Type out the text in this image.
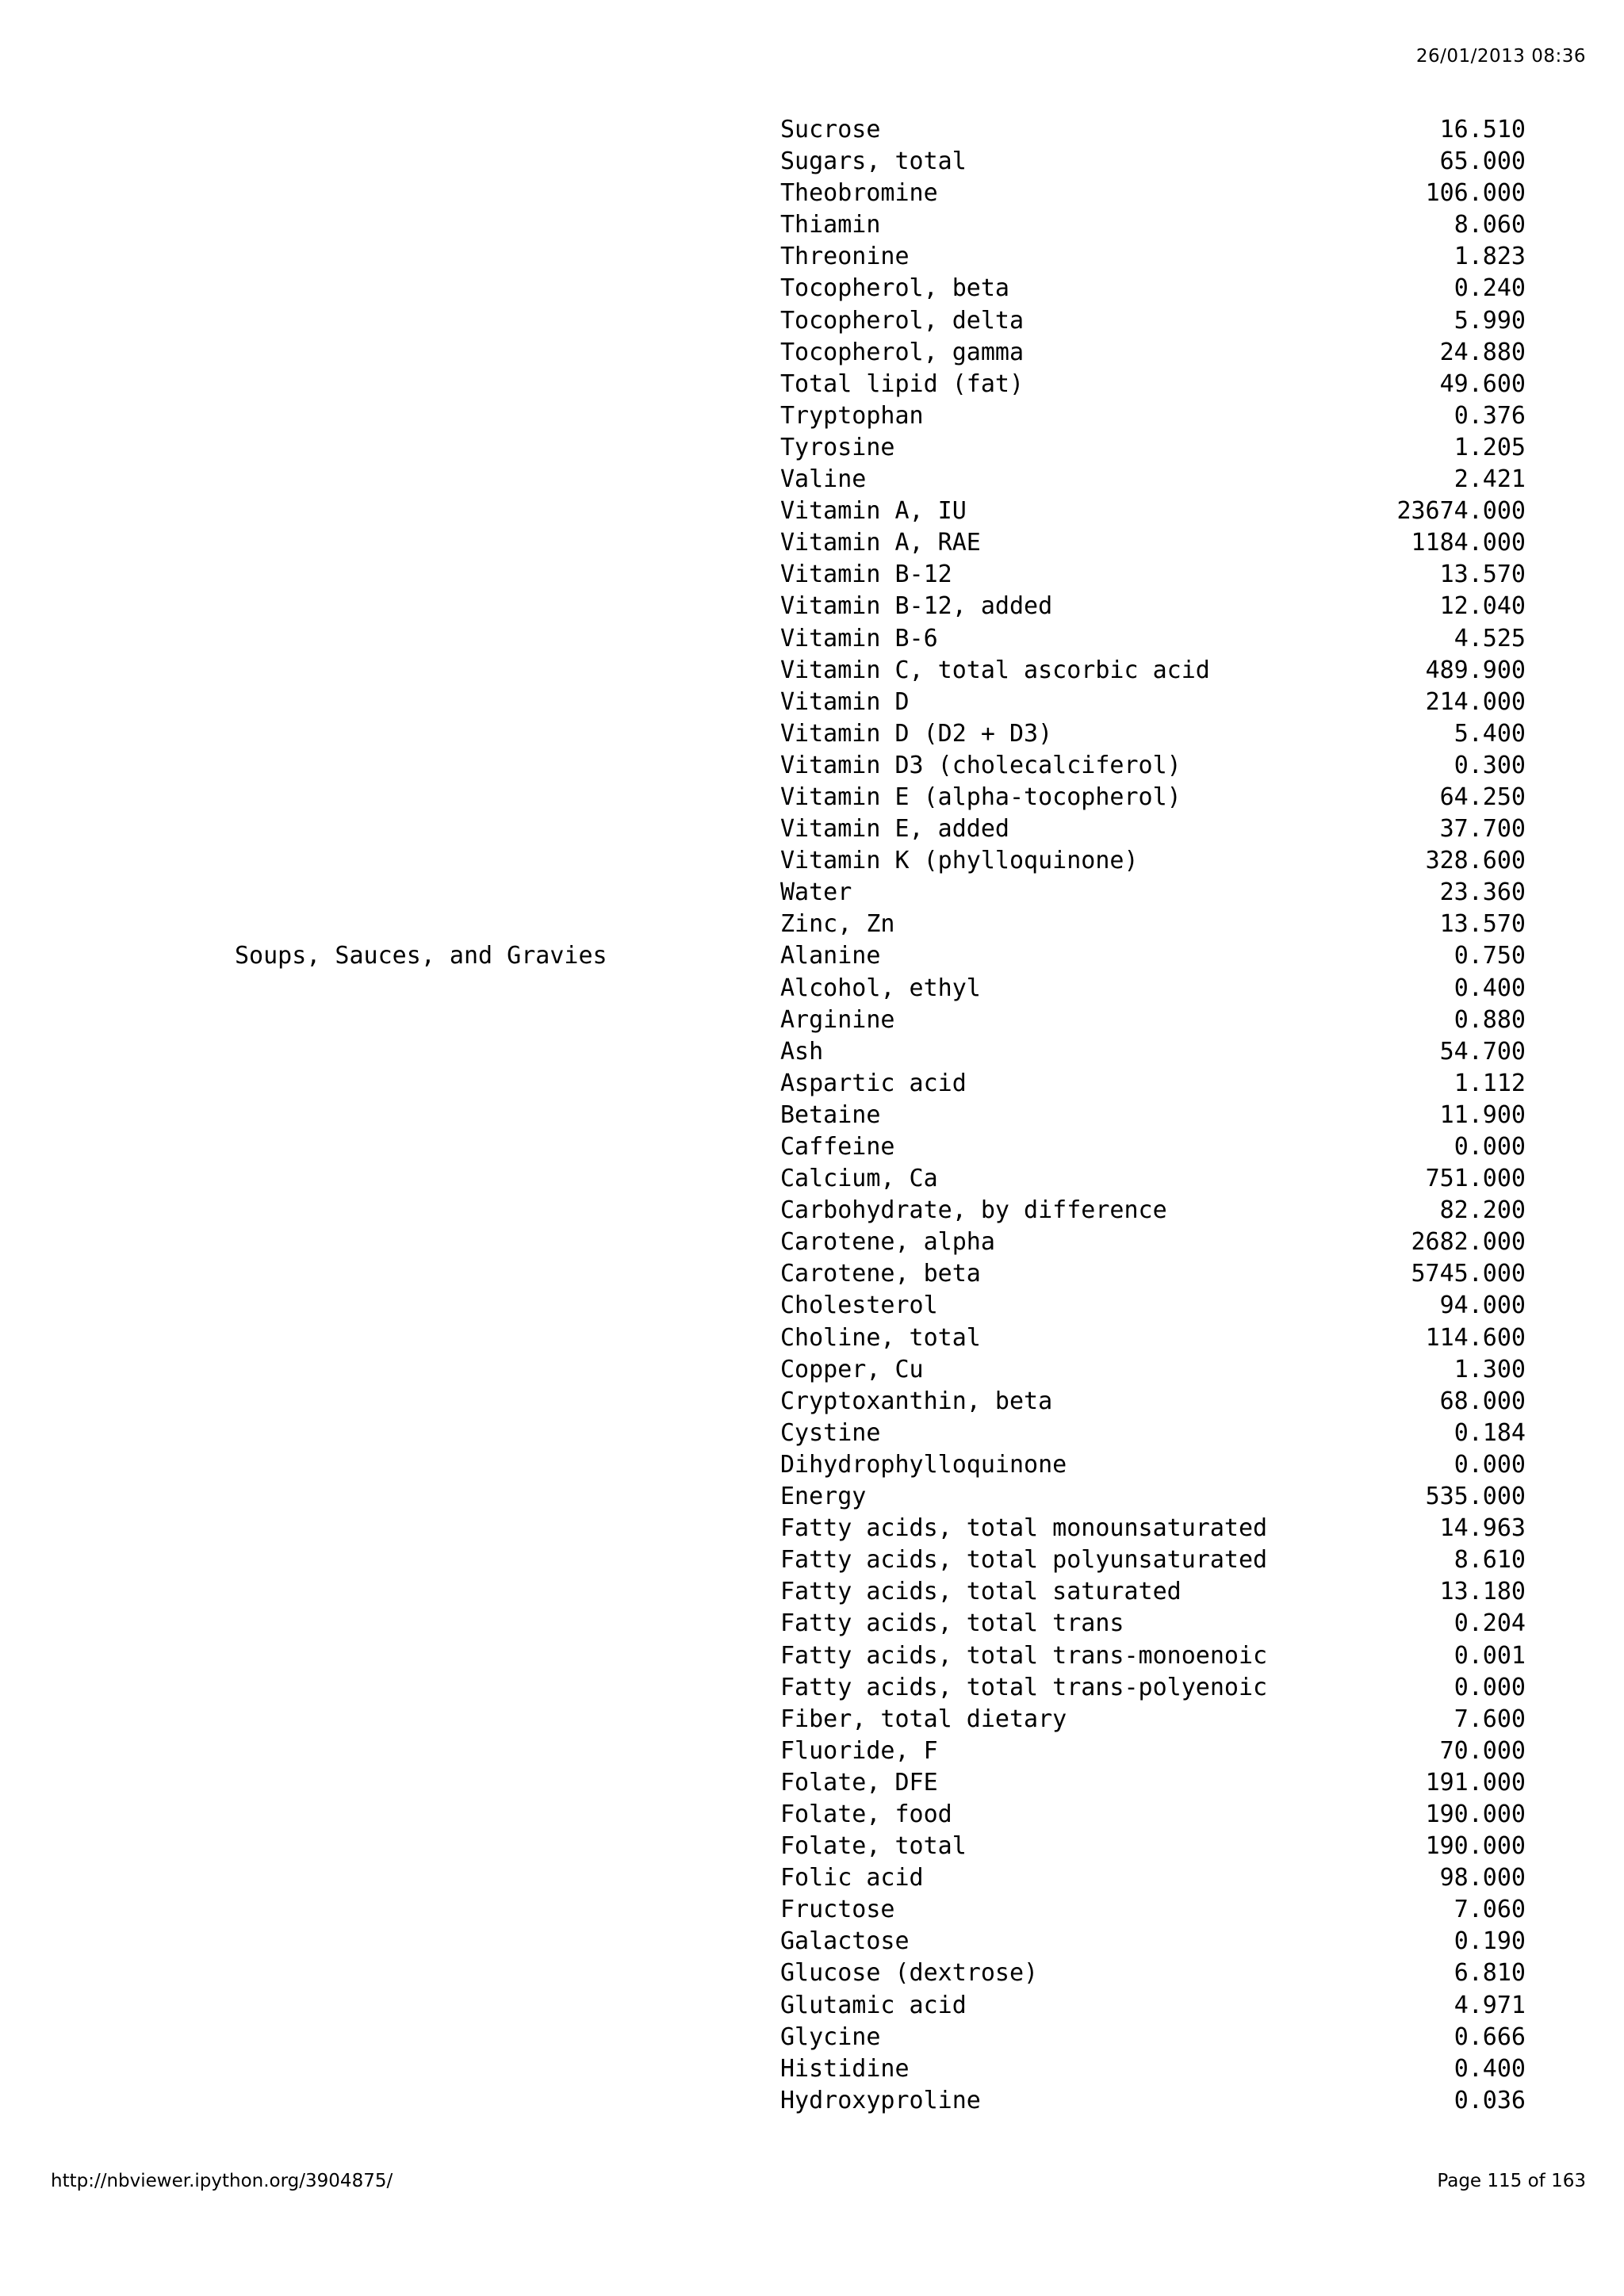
26/01/2013 08:36
Sucrose	16.510
Sugars, total	65.000
Theobromine	106.000
Thiamin	8.060
Threonine	1.823
Tocopherol, beta	0.240
Tocopherol, delta	5.990
Tocopherol, gamma	24.880
Total lipid (fat)	49.600
Tryptophan	0.376
Tyrosine	1.205
Valine	2.421
Vitamin A, IU	23674.000
Vitamin A, RAE	1184.000
Vitamin B-12	13.570
Vitamin B-12, added	12.040
Vitamin B-6	4.525
Vitamin C, total ascorbic acid	489.900
Vitamin D	214.000
Vitamin D (D2 + D3)	5.400
Vitamin D3 (cholecalciferol)	0.300
Vitamin E (alpha-tocopherol)	64.250
Vitamin E, added	37.700
Vitamin K (phylloquinone)	328.600
Water	23.360
Zinc, Zn	13.570
Soups, Sauces, and Gravies	Alanine	0.750
Alcohol, ethyl	0.400
Arginine	0.880
Ash	54.700
Aspartic acid	1.112
Betaine	11.900
Caffeine	0.000
Calcium, Ca	751.000
Carbohydrate, by difference	82.200
Carotene, alpha	2682.000
Carotene, beta	5745.000
Cholesterol	94.000
Choline, total	114.600
Copper, Cu	1.300
Cryptoxanthin, beta	68.000
Cystine	0.184
Dihydrophylloquinone	0.000
Energy	535.000
Fatty acids, total monounsaturated	14.963
Fatty acids, total polyunsaturated	8.610
Fatty acids, total saturated	13.180
Fatty acids, total trans	0.204
Fatty acids, total trans-monoenoic	0.001
Fatty acids, total trans-polyenoic	0.000
Fiber, total dietary	7.600
Fluoride, F	70.000
Folate, DFE	191.000
Folate, food	190.000
Folate, total	190.000
Folic acid	98.000
Fructose	7.060
Galactose	0.190
Glucose (dextrose)	6.810
Glutamic acid	4.971
Glycine	0.666
Histidine	0.400
Hydroxyproline	0.036
http://nbviewer.ipython.org/3904875/	Page 115 of 163
